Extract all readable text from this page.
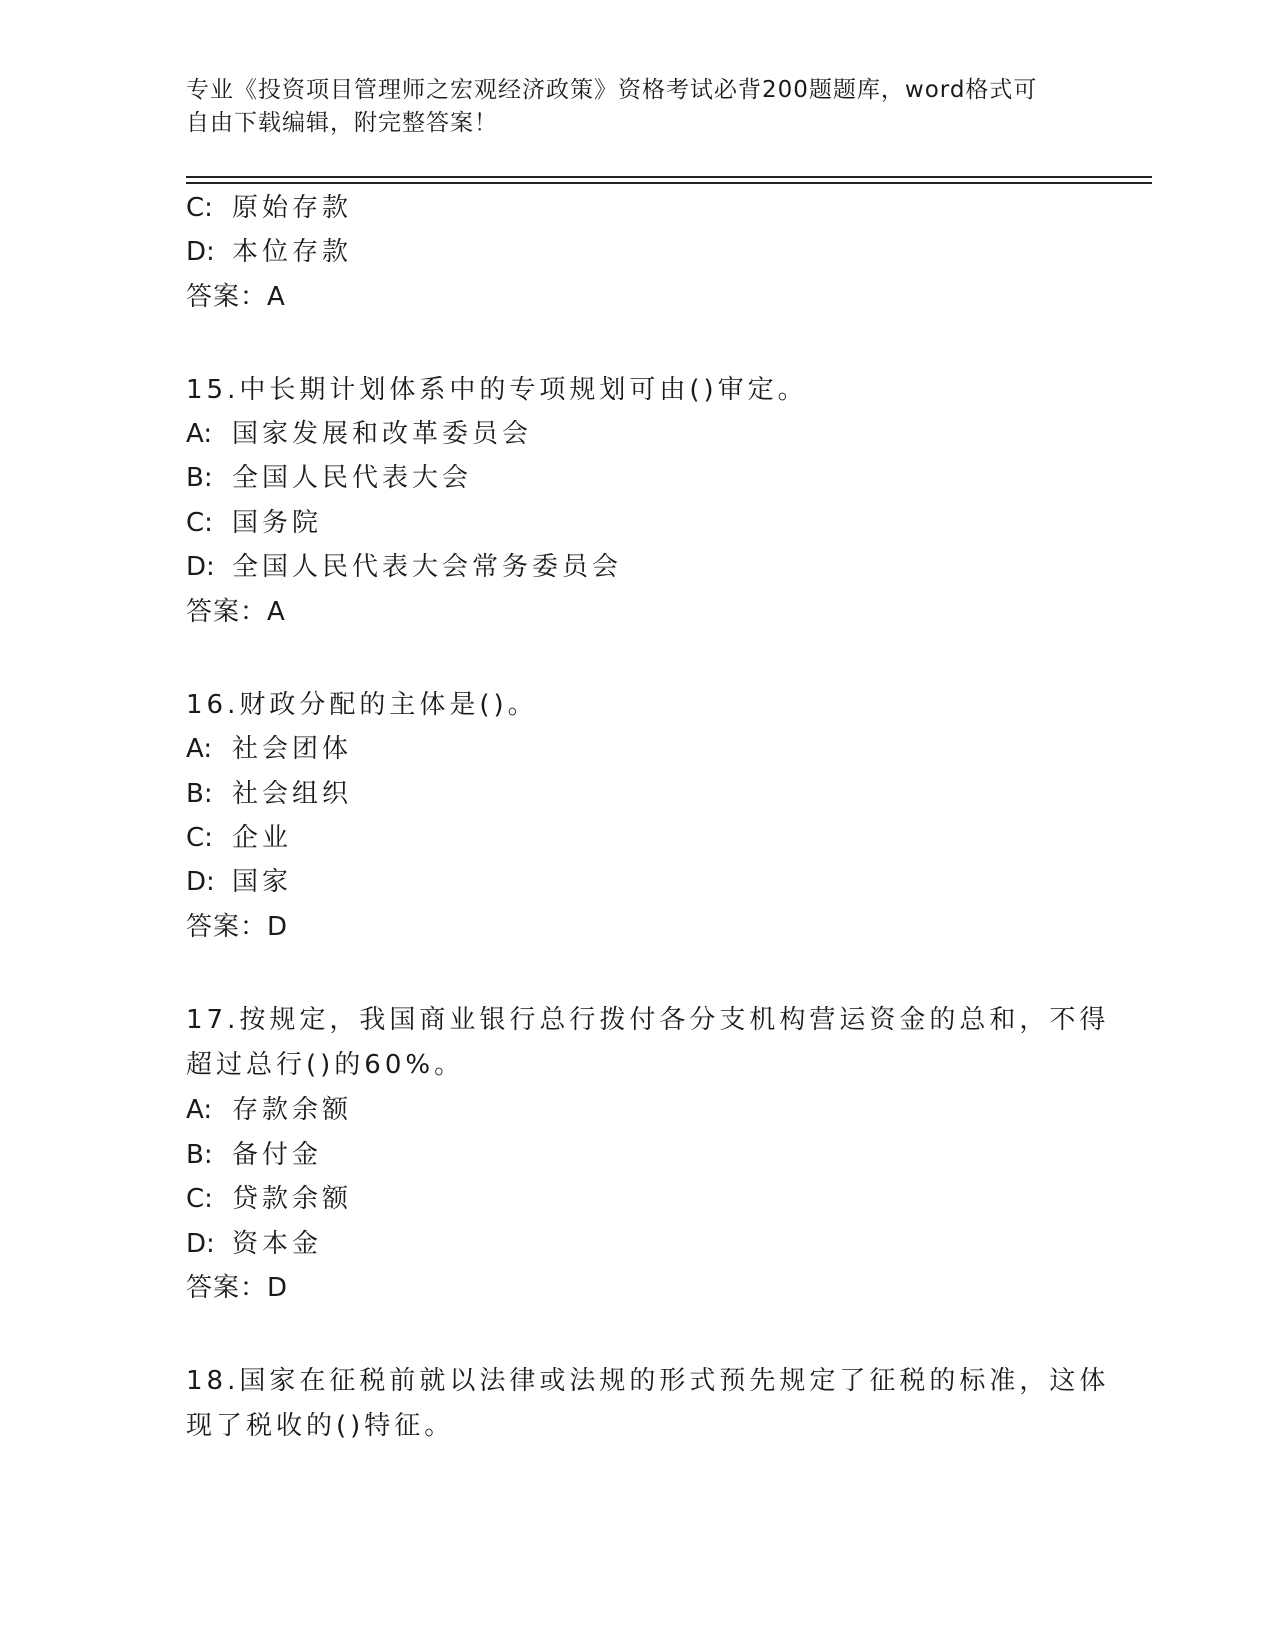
专业《投资项目管理师之宏观经济政策》资格考试必背200题题库，word格式可
自由下载编辑，附完整答案！
C: 原始存款
D: 本位存款
答案：A
15.中长期计划体系中的专项规划可由()审定。
A: 国家发展和改革委员会
B: 全国人民代表大会
C: 国务院
D: 全国人民代表大会常务委员会
答案：A
16.财政分配的主体是()。
A: 社会团体
B: 社会组织
C: 企业
D: 国家
答案：D
17.按规定，我国商业银行总行拨付各分支机构营运资金的总和，不得
超过总行()的60%。
A: 存款余额
B: 备付金
C: 贷款余额
D: 资本金
答案：D
18.国家在征税前就以法律或法规的形式预先规定了征税的标准，这体
现了税收的()特征。
